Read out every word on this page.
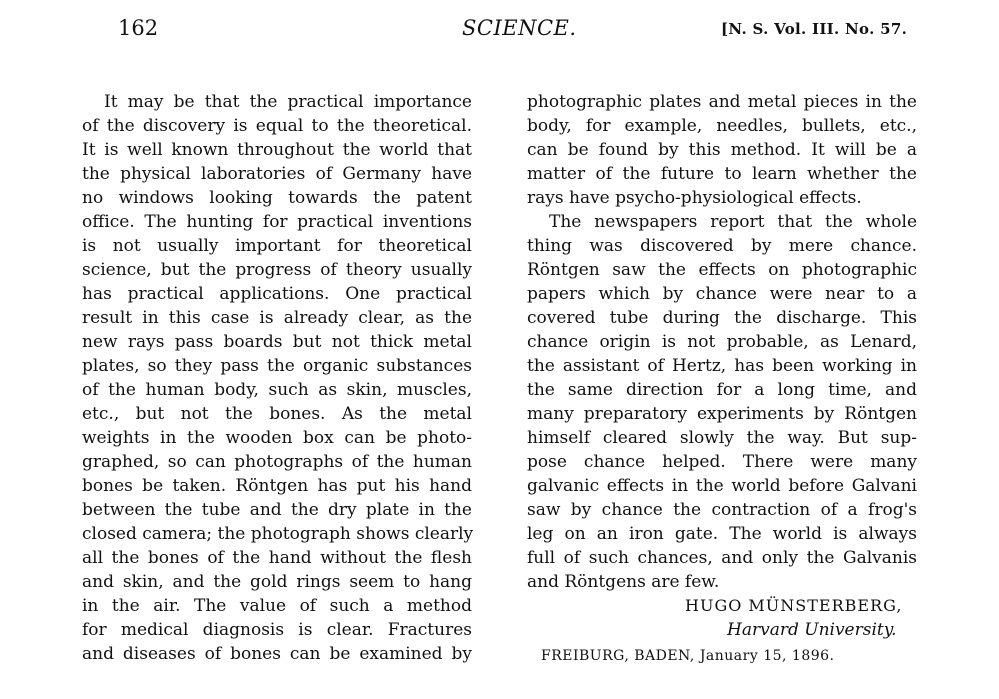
162	SCIENCE.	[N. S. Vol. III. No. 57.
It may be that the practical importance
of the discovery is equal to the theoretical.
It is well known throughout the world that
the physical laboratories of Germany have
no windows looking towards the patent
office. The hunting for practical inventions
is not usually important for theoretical
science, but the progress of theory usually
has practical applications. One practical
result in this case is already clear, as the
new rays pass boards but not thick metal
plates, so they pass the organic substances
of the human body, such as skin, muscles,
etc., but not the bones. As the metal
weights in the wooden box can be photo-
graphed, so can photographs of the human
bones be taken. Röntgen has put his hand
between the tube and the dry plate in the
closed camera; the photograph shows clearly
all the bones of the hand without the flesh
and skin, and the gold rings seem to hang
in the air. The value of such a method
for medical diagnosis is clear. Fractures
and diseases of bones can be examined by
photographic plates and metal pieces in the
body, for example, needles, bullets, etc.,
can be found by this method. It will be a
matter of the future to learn whether the
rays have psycho-physiological effects.
The newspapers report that the whole
thing was discovered by mere chance.
Röntgen saw the effects on photographic
papers which by chance were near to a
covered tube during the discharge. This
chance origin is not probable, as Lenard,
the assistant of Hertz, has been working in
the same direction for a long time, and
many preparatory experiments by Röntgen
himself cleared slowly the way. But sup-
pose chance helped. There were many
galvanic effects in the world before Galvani
saw by chance the contraction of a frog's
leg on an iron gate. The world is always
full of such chances, and only the Galvanis
and Röntgens are few.
HUGO MÜNSTERBERG,
Harvard University.
FREIBURG, BADEN, January 15, 1896.
